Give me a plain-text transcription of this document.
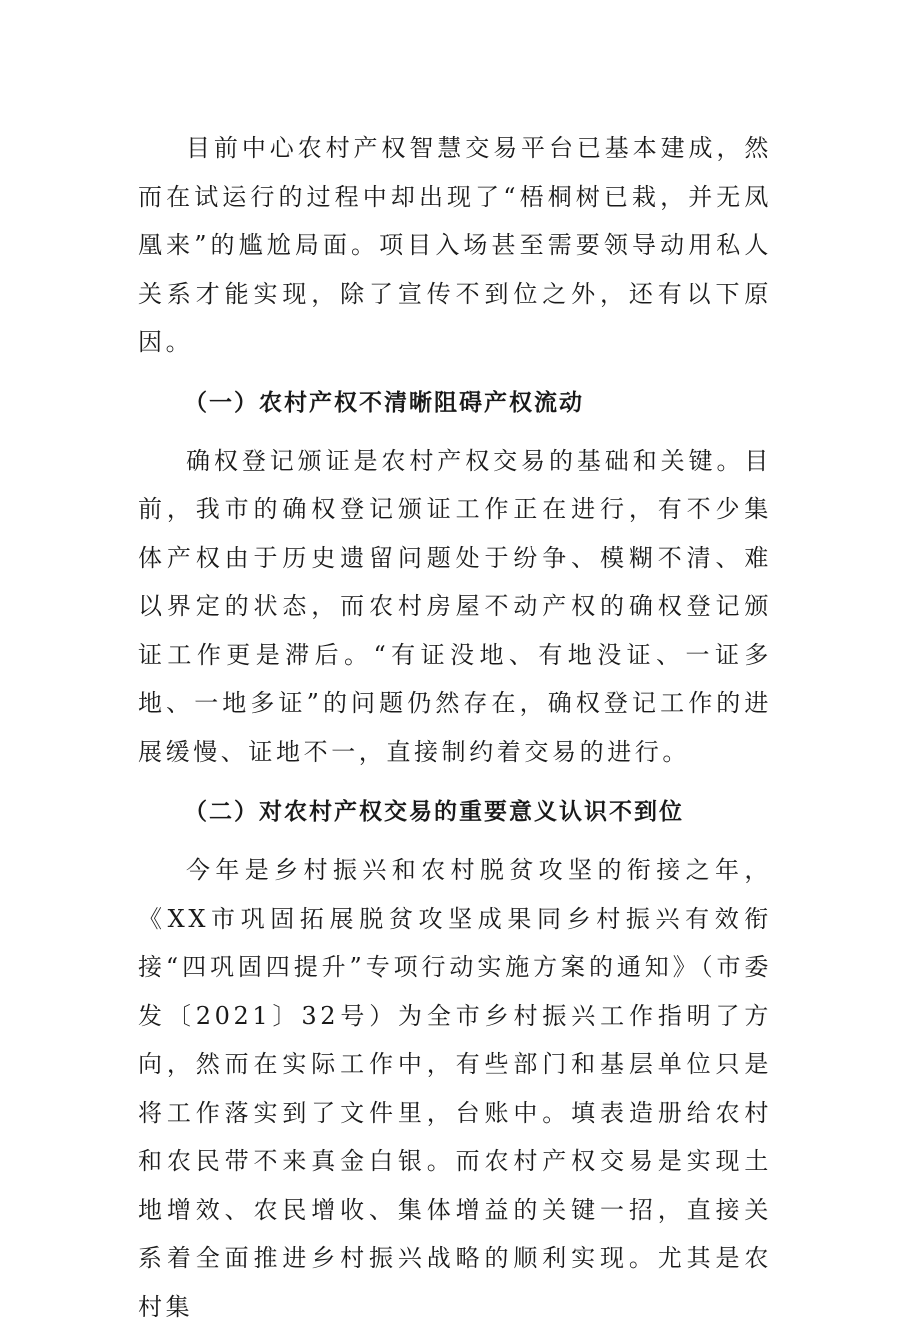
目前中心农村产权智慧交易平台已基本建成，然而在试运行的过程中却出现了“梧桐树已栽，并无凤凰来”的尴尬局面。项目入场甚至需要领导动用私人关系才能实现，除了宣传不到位之外，还有以下原因。

（一）农村产权不清晰阻碍产权流动

确权登记颁证是农村产权交易的基础和关键。目前，我市的确权登记颁证工作正在进行，有不少集体产权由于历史遗留问题处于纷争、模糊不清、难以界定的状态，而农村房屋不动产权的确权登记颁证工作更是滞后。“有证没地、有地没证、一证多地、一地多证”的问题仍然存在，确权登记工作的进展缓慢、证地不一，直接制约着交易的进行。

（二）对农村产权交易的重要意义认识不到位

今年是乡村振兴和农村脱贫攻坚的衔接之年，《XX市巩固拓展脱贫攻坚成果同乡村振兴有效衔接“四巩固四提升”专项行动实施方案的通知》（市委发〔2021〕32号）为全市乡村振兴工作指明了方向，然而在实际工作中，有些部门和基层单位只是将工作落实到了文件里，台账中。填表造册给农村和农民带不来真金白银。而农村产权交易是实现土地增效、农民增收、集体增益的关键一招，直接关系着全面推进乡村振兴战略的顺利实现。尤其是农村集
